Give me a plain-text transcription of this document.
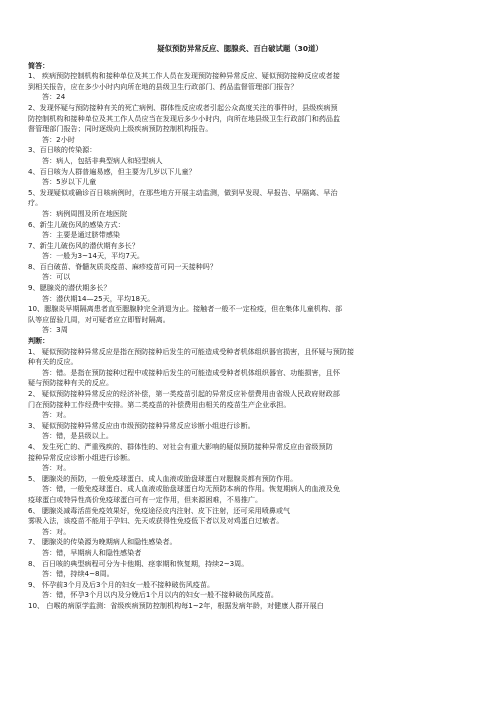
疑似预防异常反应、腮腺炎、百白破试题（30道）
简答：
1、 疾病预防控制机构和接种单位及其工作人员在发现预防接种异常反应、疑似预防接种反应或者接
到相关报告，应在多少小时内向所在地的县级卫生行政部门、药品监督管理部门报告？
答：24
2、发现怀疑与预防接种有关的死亡病例、群体性反应或者引起公众高度关注的事件时，县级疾病预
防控制机构和接种单位及其工作人员应当在发现后多少小时内，向所在地县级卫生行政部门和药品监
督管理部门报告；同时逐级向上级疾病预防控制机构报告。
答：2小时
3、百日咳的传染源：
答：病人，包括非典型病人和轻型病人
4、百日咳为人群普遍易感，但主要为几岁以下儿童？
答：5岁以下儿童
5、发现疑似或确诊百日咳病例时，在那些地方开展主动监测，做到早发现、早报告、早隔离、早治
疗。
答：病例周围及所在地医院
6、新生儿破伤风的感染方式：
答：主要是通过脐带感染
7、新生儿破伤风的潜伏期有多长？
答：一般为3~14天，平均7天。
8、百白破苗、脊髓灰质炎疫苗、麻疹疫苗可同一天接种吗？
答：可以
9、腮腺炎的潜伏期多长？
答：潜伏期14—25天，平均18天。
10、腮腺炎早期隔离患者直至腮腺肿完全消退为止。接触者一般不一定检疫，但在集体儿童机构、部
队等应留验几周，对可疑者应立即暂时隔离。
答：3周
判断：
1、 疑似预防接种异常反应是指在预防接种后发生的可能造成受种者机体组织器官损害，且怀疑与预防接
种有关的反应。
答：错。是指在预防接种过程中或接种后发生的可能造成受种者机体组织器官、功能损害，且怀
疑与预防接种有关的反应。
2、 疑似预防接种异常反应的经济补偿，第一类疫苗引起的异常反应补偿费用由省级人民政府财政部
门在预防接种工作经费中安排。第二类疫苗的补偿费用由相关的疫苗生产企业承担。
答：对。
3、 疑似预防接种异常反应由市级预防接种异常反应诊断小组进行诊断。
答：错，是县级以上。
4、 发生死亡的、严重残疾的、群体性的、对社会有重大影响的疑似预防接种异常反应由省级预防
接种异常反应诊断小组进行诊断。
答：对。
5、 腮腺炎的预防，一般免疫球蛋白、成人血液或胎盘球蛋白对腮腺炎都有预防作用。
答：错，一般免疫球蛋白、成人血液或胎盘球蛋白均无预防本病的作用。恢复期病人的血液及免
疫球蛋白或特异性高价免疫球蛋白可有一定作用，但来源困难，不易推广。
6、 腮腺炎减毒活苗免疫效果好，免疫途径皮内注射、皮下注射，还可采用喷鼻或气
雾吸入法，该疫苗不能用于孕妇、先天或获得性免疫低下者以及对鸡蛋白过敏者。
答：对。
7、 腮腺炎的传染源为晚期病人和隐性感染者。
答：错，早期病人和隐性感染者
8、 百日咳的典型病程可分为卡他期、痉挛期和恢复期，持续2~3周。
答：错，持续4~8周。
9、 怀孕前3个月及后3个月的妇女一般不接种破伤风疫苗。
答：错，怀孕3个月以内及分娩后1个月以内的妇女一般不接种破伤风疫苗。
10、 白喉的病原学监测：省级疾病预防控制机构每1~2年，根据发病年龄，对健康人群开展白
